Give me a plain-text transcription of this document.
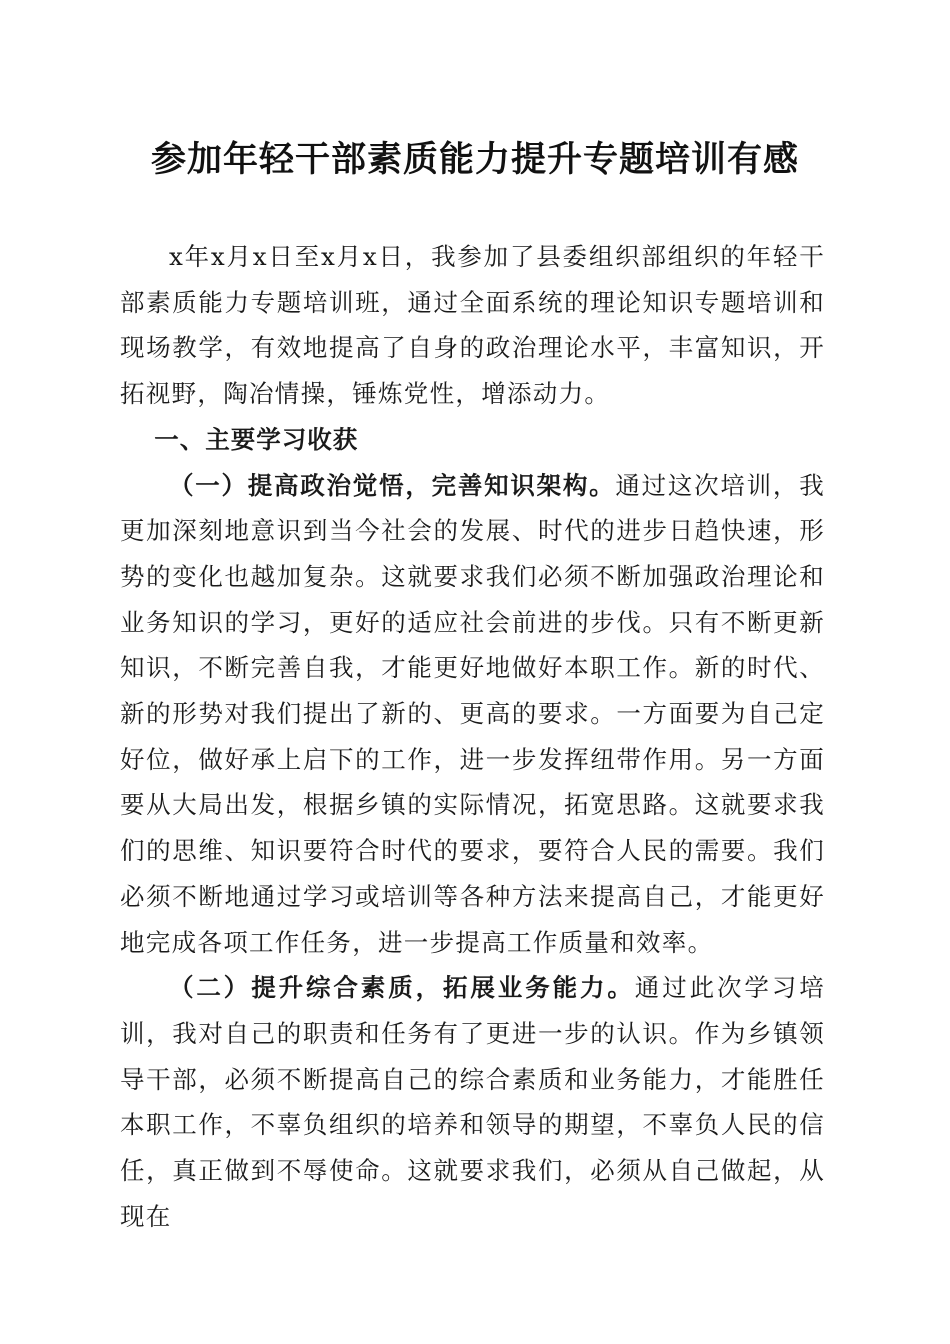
参加年轻干部素质能力提升专题培训有感

x年x月x日至x月x日，我参加了县委组织部组织的年轻干部素质能力专题培训班，通过全面系统的理论知识专题培训和现场教学，有效地提高了自身的政治理论水平，丰富知识，开拓视野，陶冶情操，锤炼党性，增添动力。

一、主要学习收获

（一）提高政治觉悟，完善知识架构。通过这次培训，我更加深刻地意识到当今社会的发展、时代的进步日趋快速，形势的变化也越加复杂。这就要求我们必须不断加强政治理论和业务知识的学习，更好的适应社会前进的步伐。只有不断更新知识，不断完善自我，才能更好地做好本职工作。新的时代、新的形势对我们提出了新的、更高的要求。一方面要为自己定好位，做好承上启下的工作，进一步发挥纽带作用。另一方面要从大局出发，根据乡镇的实际情况，拓宽思路。这就要求我们的思维、知识要符合时代的要求，要符合人民的需要。我们必须不断地通过学习或培训等各种方法来提高自己，才能更好地完成各项工作任务，进一步提高工作质量和效率。

（二）提升综合素质，拓展业务能力。通过此次学习培训，我对自己的职责和任务有了更进一步的认识。作为乡镇领导干部，必须不断提高自己的综合素质和业务能力，才能胜任本职工作，不辜负组织的培养和领导的期望，不辜负人民的信任，真正做到不辱使命。这就要求我们，必须从自己做起，从现在
